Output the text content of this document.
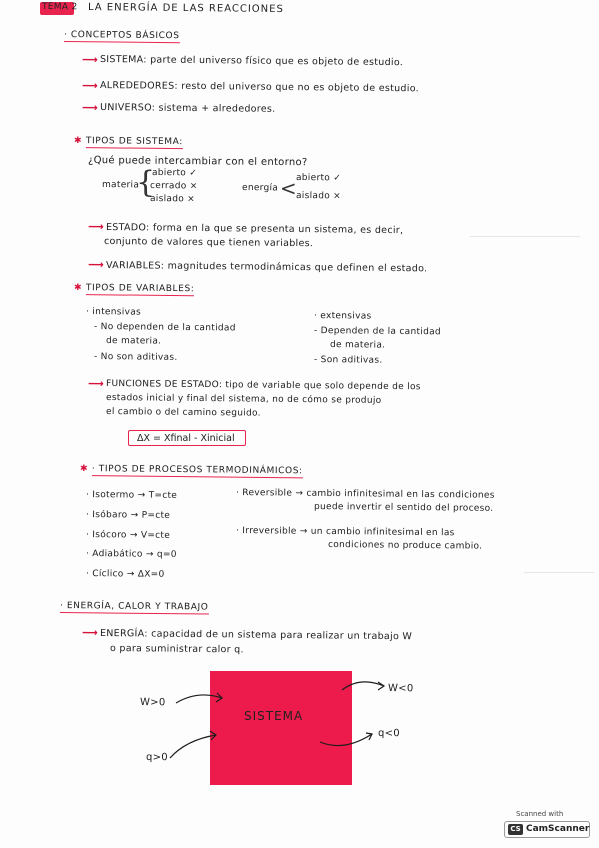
TEMA 2 LA ENERGÍA DE LAS REACCIONES
· CONCEPTOS BÁSICOS
⟶ SISTEMA: parte del universo físico que es objeto de estudio.
⟶ ALREDEDORES: resto del universo que no es objeto de estudio.
⟶ UNIVERSO: sistema + alrededores.
✱ TIPOS DE SISTEMA:
¿Qué puede intercambiar con el entorno?
materia
{
abierto ✓
cerrado ×
aislado ×
energía <
abierto ✓
aislado ×
⟶ ESTADO: forma en la que se presenta un sistema, es decir,
conjunto de valores que tienen variables.
⟶ VARIABLES: magnitudes termodinámicas que definen el estado.
✱ TIPOS DE VARIABLES:
· intensivas
- No dependen de la cantidad
de materia.
- No son aditivas.
· extensivas
- Dependen de la cantidad
de materia.
- Son aditivas.
⟶ FUNCIONES DE ESTADO: tipo de variable que solo depende de los
estados inicial y final del sistema, no de cómo se produjo
el cambio o del camino seguido.
ΔX = Xfinal - Xinicial
✱ · TIPOS DE PROCESOS TERMODINÁMICOS:
· Isotermo → T=cte
· Isóbaro → P=cte
· Isócoro → V=cte
· Adiabático → q=0
· Cíclico → ΔX=0
· Reversible → cambio infinitesimal en las condiciones
puede invertir el sentido del proceso.
· Irreversible → un cambio infinitesimal en las
condiciones no produce cambio.
· ENERGÍA, CALOR Y TRABAJO
⟶ ENERGÍA: capacidad de un sistema para realizar un trabajo W
o para suministrar calor q.
SISTEMA
W>0
q>0
W<0
q<0
Scanned with
CS CamScanner
